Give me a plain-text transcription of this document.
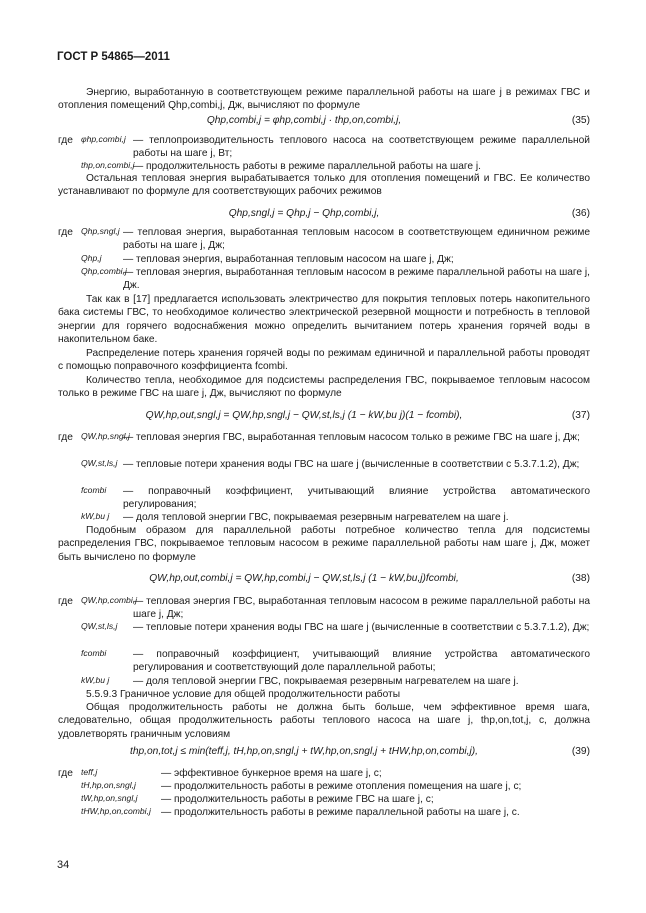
ГОСТ Р 54865—2011
Энергию, выработанную в соответствующем режиме параллельной работы на шаге j в режимах ГВС и отопления помещений Qhp,combi,j, Дж, вычисляют по формуле
Qhp,combi,j = φhp,combi,j · thp,on,combi,j,	(35)
где φhp,combi,j — теплопроизводительность теплового насоса на соответствующем режиме параллельной работы на шаге j, Вт;
thp,on,combi,j
— продолжительность работы в режиме параллельной работы на шаге j.
Остальная тепловая энергия вырабатывается только для отопления помещений и ГВС. Ее количество устанавливают по формуле для соответствующих рабочих режимов
Qhp,sngl,j = Qhp,j − Qhp,combi,j,	(36)
где Qhp,sngl,j — тепловая энергия, выработанная тепловым насосом в соответствующем единичном режиме работы на шаге j, Дж;
Qhp,j — тепловая энергия, выработанная тепловым насосом на шаге j, Дж;
Qhp,combi,j
— тепловая энергия, выработанная тепловым насосом в режиме параллельной работы на шаге j, Дж.
Так как в [17] предлагается использовать электричество для покрытия тепловых потерь накопительного бака системы ГВС, то необходимое количество электрической резервной мощности и потребность в тепловой энергии для горячего водоснабжения можно определить вычитанием потерь хранения горячей воды в накопительном баке.
Распределение потерь хранения горячей воды по режимам единичной и параллельной работы проводят с помощью поправочного коэффициента fcombi.
Количество тепла, необходимое для подсистемы распределения ГВС, покрываемое тепловым насосом только в режиме ГВС на шаге j, Дж, вычисляют по формуле
QW,hp,out,sngl,j = QW,hp,sngl,j − QW,st,ls,j (1 − kW,bu j)(1 − fcombi),	(37)
где QW,hp,sngl,j
— тепловая энергия ГВС, выработанная тепловым насосом только в режиме ГВС на шаге j, Дж;
QW,st,ls,j — тепловые потери хранения воды ГВС на шаге j (вычисленные в соответствии с 5.3.7.1.2), Дж;
fcombi — поправочный коэффициент, учитывающий влияние устройства автоматического регулирования;
kW,bu j — доля тепловой энергии ГВС, покрываемая резервным нагревателем на шаге j.
Подобным образом для параллельной работы потребное количество тепла для подсистемы распределения ГВС, покрываемое тепловым насосом в режиме параллельной работы нам шаге j, Дж, может быть вычислено по формуле
QW,hp,out,combi,j = QW,hp,combi,j − QW,st,ls,j (1 − kW,bu,j)fcombi,	(38)
где QW,hp,combi,j
— тепловая энергия ГВС, выработанная тепловым насосом в режиме параллельной работы на шаге j, Дж;
QW,st,ls,j — тепловые потери хранения воды ГВС на шаге j (вычисленные в соответствии с 5.3.7.1.2), Дж;
fcombi	— поправочный коэффициент, учитывающий влияние устройства автоматического регулирования и соответствующий доле параллельной работы;
kW,bu j — доля тепловой энергии ГВС, покрываемая резервным нагревателем на шаге j.
5.5.9.3 Граничное условие для общей продолжительности работы
Общая продолжительность работы не должна быть больше, чем эффективное время шага, следовательно, общая продолжительность работы теплового насоса на шаге j, thp,on,tot,j, с, должна удовлетворять граничным условиям
thp,on,tot,j ≤ min(teff,j, tH,hp,on,sngl,j + tW,hp,on,sngl,j + tHW,hp,on,combi,j),	(39)
где teff,j	— эффективное бункерное время на шаге j, с;
tH,hp,on,sngl,j — продолжительность работы в режиме отопления помещения на шаге j, с;
tW,hp,on,sngl,j — продолжительность работы в режиме ГВС на шаге j, с;
tHW,hp,on,combi,j — продолжительность работы в режиме параллельной работы на шаге j, с.
34
